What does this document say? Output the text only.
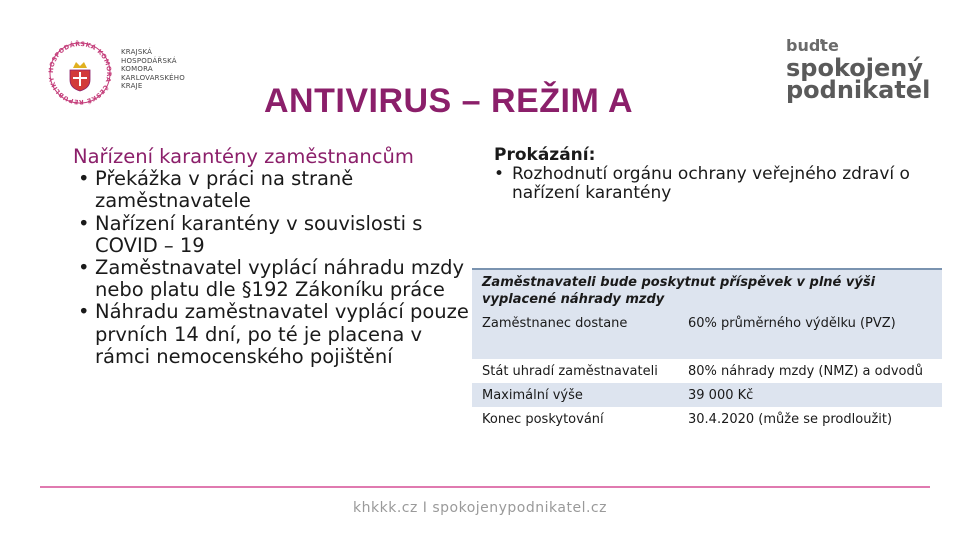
HOSPODÁŘSKÁ KOMORA ČESKÉ REPUBLIKY
KRAJSKÁ
HOSPODÁŘSKÁ
KOMORA
KARLOVARSKÉHO
KRAJE
buďte
spokojený
podnikatel
ANTIVIRUS – REŽIM A
Nařízení karantény zaměstnancům
• Překážka v práci na straně zaměstnavatele
• Nařízení karantény v souvislosti s COVID – 19
• Zaměstnavatel vyplácí náhradu mzdy nebo platu dle §192 Zákoníku práce
• Náhradu zaměstnavatel vyplácí pouze prvních 14 dní, po té je placena v rámci nemocenského pojištění
Prokázání:
• Rozhodnutí orgánu ochrany veřejného zdraví o nařízení karantény
Zaměstnavateli bude poskytnut příspěvek v plné výši vyplacené náhrady mzdy	
Zaměstnanec dostane	60% průměrného výdělku (PVZ)
Stát uhradí zaměstnavateli	80% náhrady mzdy (NMZ) a odvodů
Maximální výše	39 000 Kč
Konec poskytování	30.4.2020 (může se prodloužit)
khkkk.cz I spokojenypodnikatel.cz
